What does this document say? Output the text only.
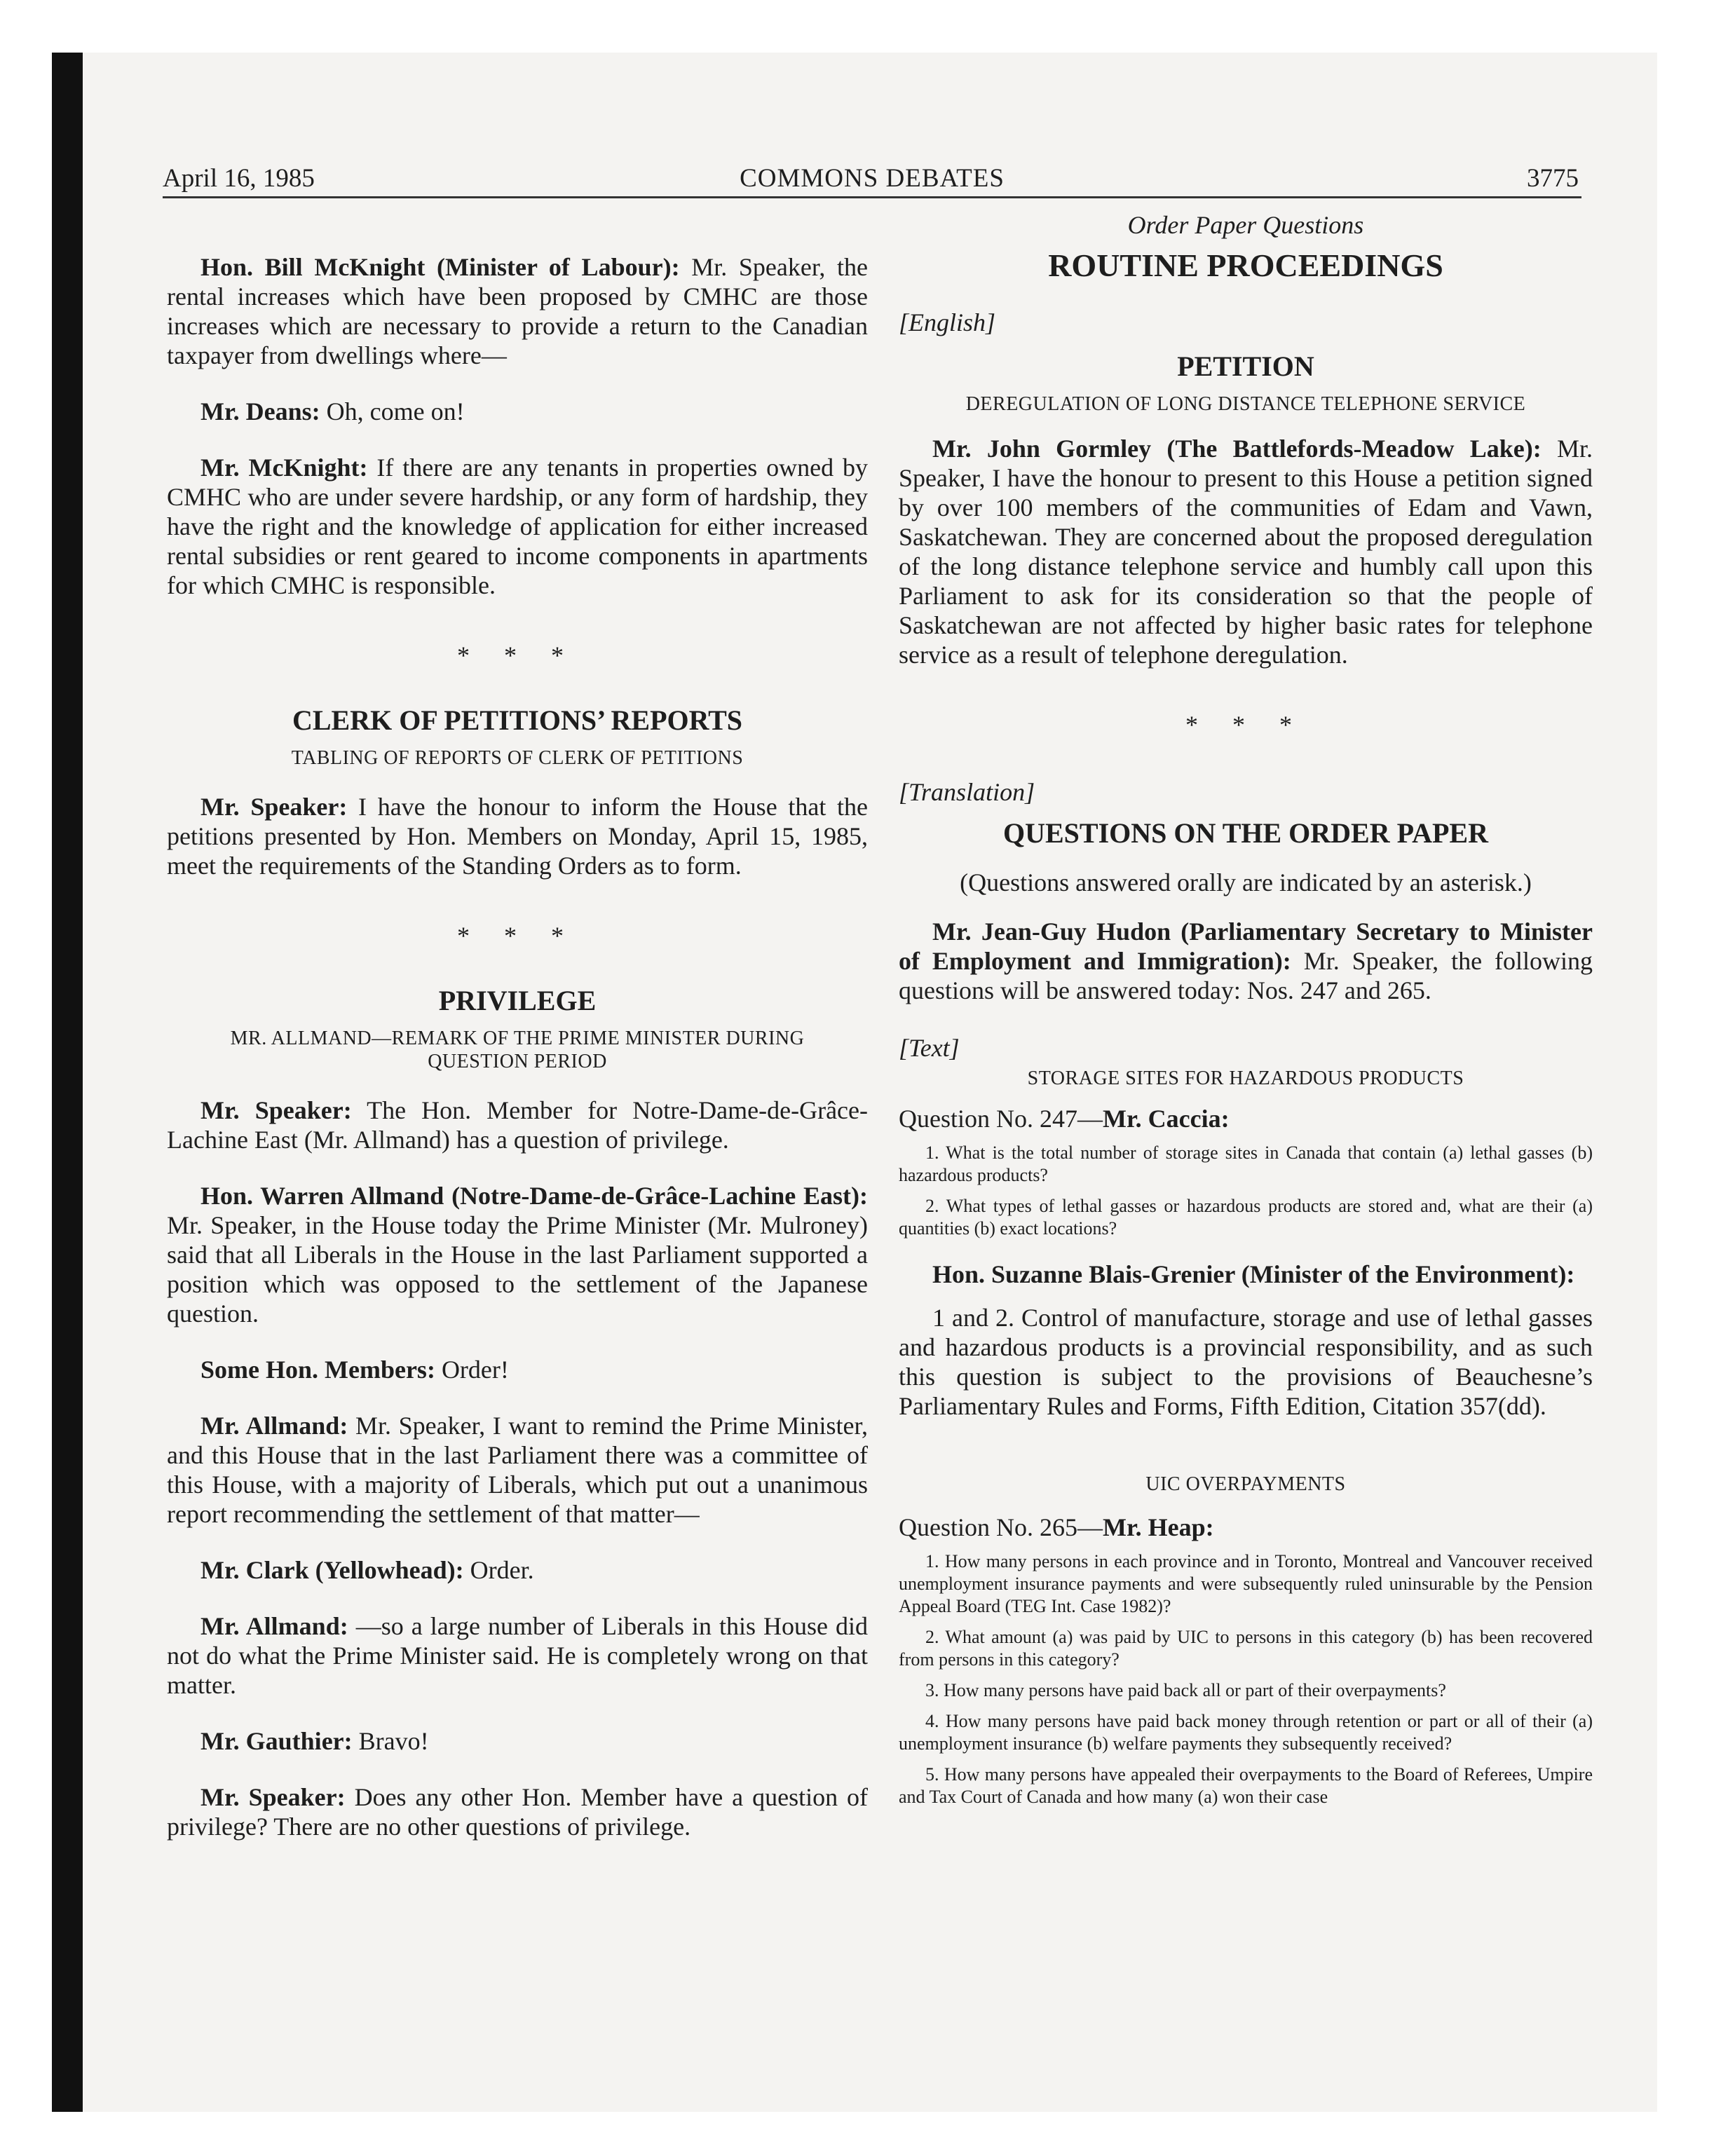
April 16, 1985	COMMONS DEBATES	3775

Hon. Bill McKnight (Minister of Labour): Mr. Speaker, the rental increases which have been proposed by CMHC are those increases which are necessary to provide a return to the Canadian taxpayer from dwellings where—

Mr. Deans: Oh, come on!

Mr. McKnight: If there are any tenants in properties owned by CMHC who are under severe hardship, or any form of hardship, they have the right and the knowledge of application for either increased rental subsidies or rent geared to income components in apartments for which CMHC is responsible.

* * *
CLERK OF PETITIONS’ REPORTS
TABLING OF REPORTS OF CLERK OF PETITIONS

Mr. Speaker: I have the honour to inform the House that the petitions presented by Hon. Members on Monday, April 15, 1985, meet the requirements of the Standing Orders as to form.

* * *
PRIVILEGE
MR. ALLMAND—REMARK OF THE PRIME MINISTER DURING QUESTION PERIOD

Mr. Speaker: The Hon. Member for Notre-Dame-de-Grâce-Lachine East (Mr. Allmand) has a question of privilege.

Hon. Warren Allmand (Notre-Dame-de-Grâce-Lachine East): Mr. Speaker, in the House today the Prime Minister (Mr. Mulroney) said that all Liberals in the House in the last Parliament supported a position which was opposed to the settlement of the Japanese question.

Some Hon. Members: Order!

Mr. Allmand: Mr. Speaker, I want to remind the Prime Minister, and this House that in the last Parliament there was a committee of this House, with a majority of Liberals, which put out a unanimous report recommending the settlement of that matter—

Mr. Clark (Yellowhead): Order.

Mr. Allmand: —so a large number of Liberals in this House did not do what the Prime Minister said. He is completely wrong on that matter.

Mr. Gauthier: Bravo!

Mr. Speaker: Does any other Hon. Member have a question of privilege? There are no other questions of privilege.

Order Paper Questions
ROUTINE PROCEEDINGS
[English]
PETITION
DEREGULATION OF LONG DISTANCE TELEPHONE SERVICE

Mr. John Gormley (The Battlefords-Meadow Lake): Mr. Speaker, I have the honour to present to this House a petition signed by over 100 members of the communities of Edam and Vawn, Saskatchewan. They are concerned about the proposed deregulation of the long distance telephone service and humbly call upon this Parliament to ask for its consideration so that the people of Saskatchewan are not affected by higher basic rates for telephone service as a result of telephone deregulation.

* * *
[Translation]
QUESTIONS ON THE ORDER PAPER
(Questions answered orally are indicated by an asterisk.)

Mr. Jean-Guy Hudon (Parliamentary Secretary to Minister of Employment and Immigration): Mr. Speaker, the following questions will be answered today: Nos. 247 and 265.

[Text]
STORAGE SITES FOR HAZARDOUS PRODUCTS
Question No. 247—Mr. Caccia:
1. What is the total number of storage sites in Canada that contain (a) lethal gasses (b) hazardous products?
2. What types of lethal gasses or hazardous products are stored and, what are their (a) quantities (b) exact locations?

Hon. Suzanne Blais-Grenier (Minister of the Environment):

1 and 2. Control of manufacture, storage and use of lethal gasses and hazardous products is a provincial responsibility, and as such this question is subject to the provisions of Beauchesne’s Parliamentary Rules and Forms, Fifth Edition, Citation 357(dd).

UIC OVERPAYMENTS
Question No. 265—Mr. Heap:
1. How many persons in each province and in Toronto, Montreal and Vancouver received unemployment insurance payments and were subsequently ruled uninsurable by the Pension Appeal Board (TEG Int. Case 1982)?
2. What amount (a) was paid by UIC to persons in this category (b) has been recovered from persons in this category?
3. How many persons have paid back all or part of their overpayments?
4. How many persons have paid back money through retention or part or all of their (a) unemployment insurance (b) welfare payments they subsequently received?
5. How many persons have appealed their overpayments to the Board of Referees, Umpire and Tax Court of Canada and how many (a) won their case
